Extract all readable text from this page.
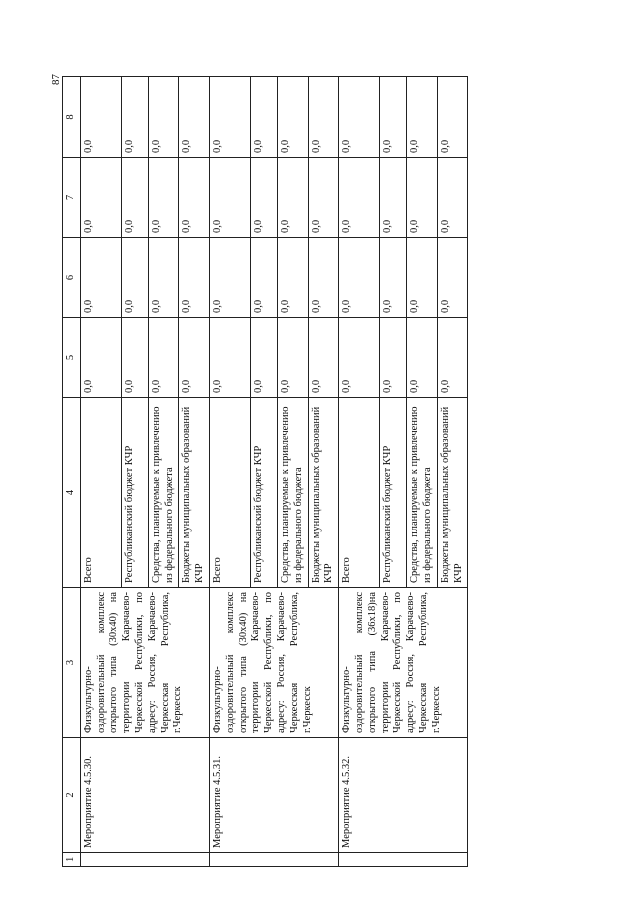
87
1	2	3	4	5	6	7	8
	Мероприятие 4.5.30.	Физкультурно-оздоровительный комплекс открытого типа (30х40) на территории Карачаево-Черкесской Республики, по адресу: Россия, Карачаево-Черкесская Республика, г.Черкесск	Всего	0,0	0,0	0,0	0,0
			Республиканский бюджет КЧР	0,0	0,0	0,0	0,0
			Средства, планируемые к привлечению из федерального бюджета	0,0	0,0	0,0	0,0
			Бюджеты муниципальных образований КЧР	0,0	0,0	0,0	0,0
	Мероприятие 4.5.31.	Физкультурно-оздоровительный комплекс открытого типа (30х40) на территории Карачаево-Черкесской Республики, по адресу: Россия, Карачаево-Черкесская Республика, г.Черкесск	Всего	0,0	0,0	0,0	0,0
			Республиканский бюджет КЧР	0,0	0,0	0,0	0,0
			Средства, планируемые к привлечению из федерального бюджета	0,0	0,0	0,0	0,0
			Бюджеты муниципальных образований КЧР	0,0	0,0	0,0	0,0
	Мероприятие 4.5.32.	Физкультурно-оздоровительный комплекс открытого типа (36х18)на территории Карачаево-Черкесской Республики, по адресу: Россия, Карачаево-Черкесская Республика, г.Черкесск	Всего	0,0	0,0	0,0	0,0
			Республиканский бюджет КЧР	0,0	0,0	0,0	0,0
			Средства, планируемые к привлечению из федерального бюджета	0,0	0,0	0,0	0,0
			Бюджеты муниципальных образований КЧР	0,0	0,0	0,0	0,0
